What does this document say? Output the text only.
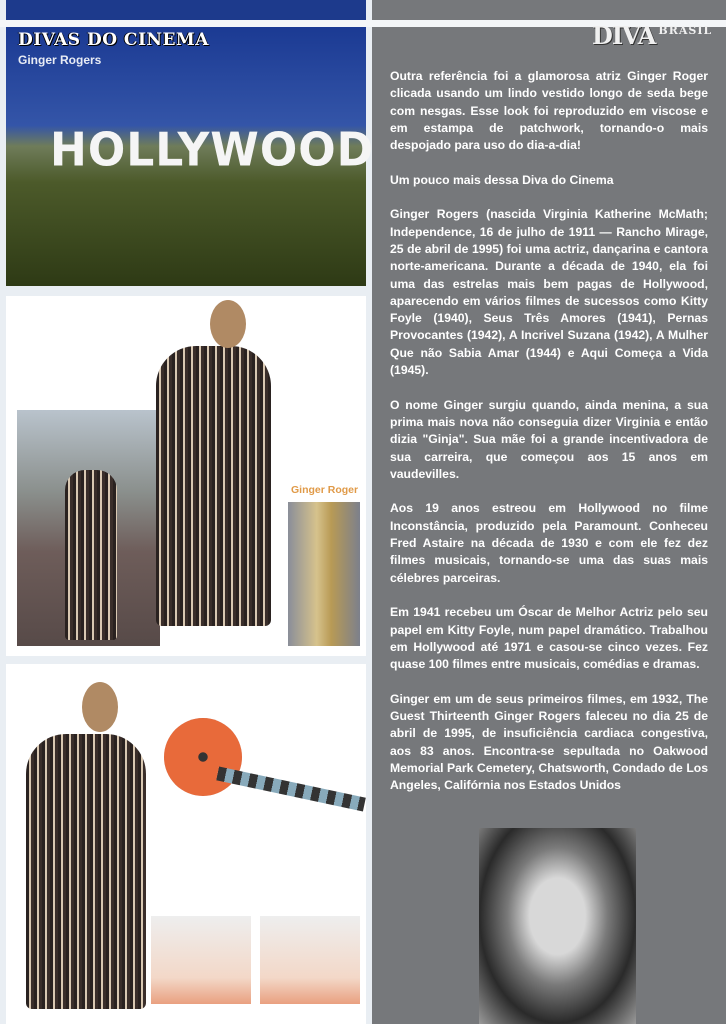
DIVAS DO CINEMA
Ginger Rogers
HOLLYWOOD
Ginger Roger
DIVA BRASIL

Outra referência foi a glamorosa atriz Ginger Roger clicada usando um lindo vestido longo de seda bege com nesgas. Esse look foi reproduzido em viscose e em estampa de patchwork, tornando-o mais despojado para uso do dia-a-dia!

Um pouco mais dessa Diva do Cinema

Ginger Rogers (nascida Virginia Katherine McMath; Independence, 16 de julho de 1911 — Rancho Mirage, 25 de abril de 1995) foi uma actriz, dançarina e cantora norte-americana. Durante a década de 1940, ela foi uma das estrelas mais bem pagas de Hollywood, aparecendo em vários filmes de sucessos como Kitty Foyle (1940), Seus Três Amores (1941), Pernas Provocantes (1942), A Incrivel Suzana (1942), A Mulher Que não Sabia Amar (1944) e Aqui Começa a Vida (1945).

O nome Ginger surgiu quando, ainda menina, a sua prima mais nova não conseguia dizer Virginia e então dizia "Ginja". Sua mãe foi a grande incentivadora de sua carreira, que começou aos 15 anos em vaudevilles.

Aos 19 anos estreou em Hollywood no filme Inconstância, produzido pela Paramount. Conheceu Fred Astaire na década de 1930 e com ele fez dez filmes musicais, tornando-se uma das suas mais célebres parceiras.

Em 1941 recebeu um Óscar de Melhor Actriz pelo seu papel em Kitty Foyle, num papel dramático. Trabalhou em Hollywood até 1971 e casou-se cinco vezes. Fez quase 100 filmes entre musicais, comédias e dramas.

Ginger em um de seus primeiros filmes, em 1932, The Guest Thirteenth Ginger Rogers faleceu no dia 25 de abril de 1995, de insuficiência cardiaca congestiva, aos 83 anos. Encontra-se sepultada no Oakwood Memorial Park Cemetery, Chatsworth, Condado de Los Angeles, Califórnia nos Estados Unidos
